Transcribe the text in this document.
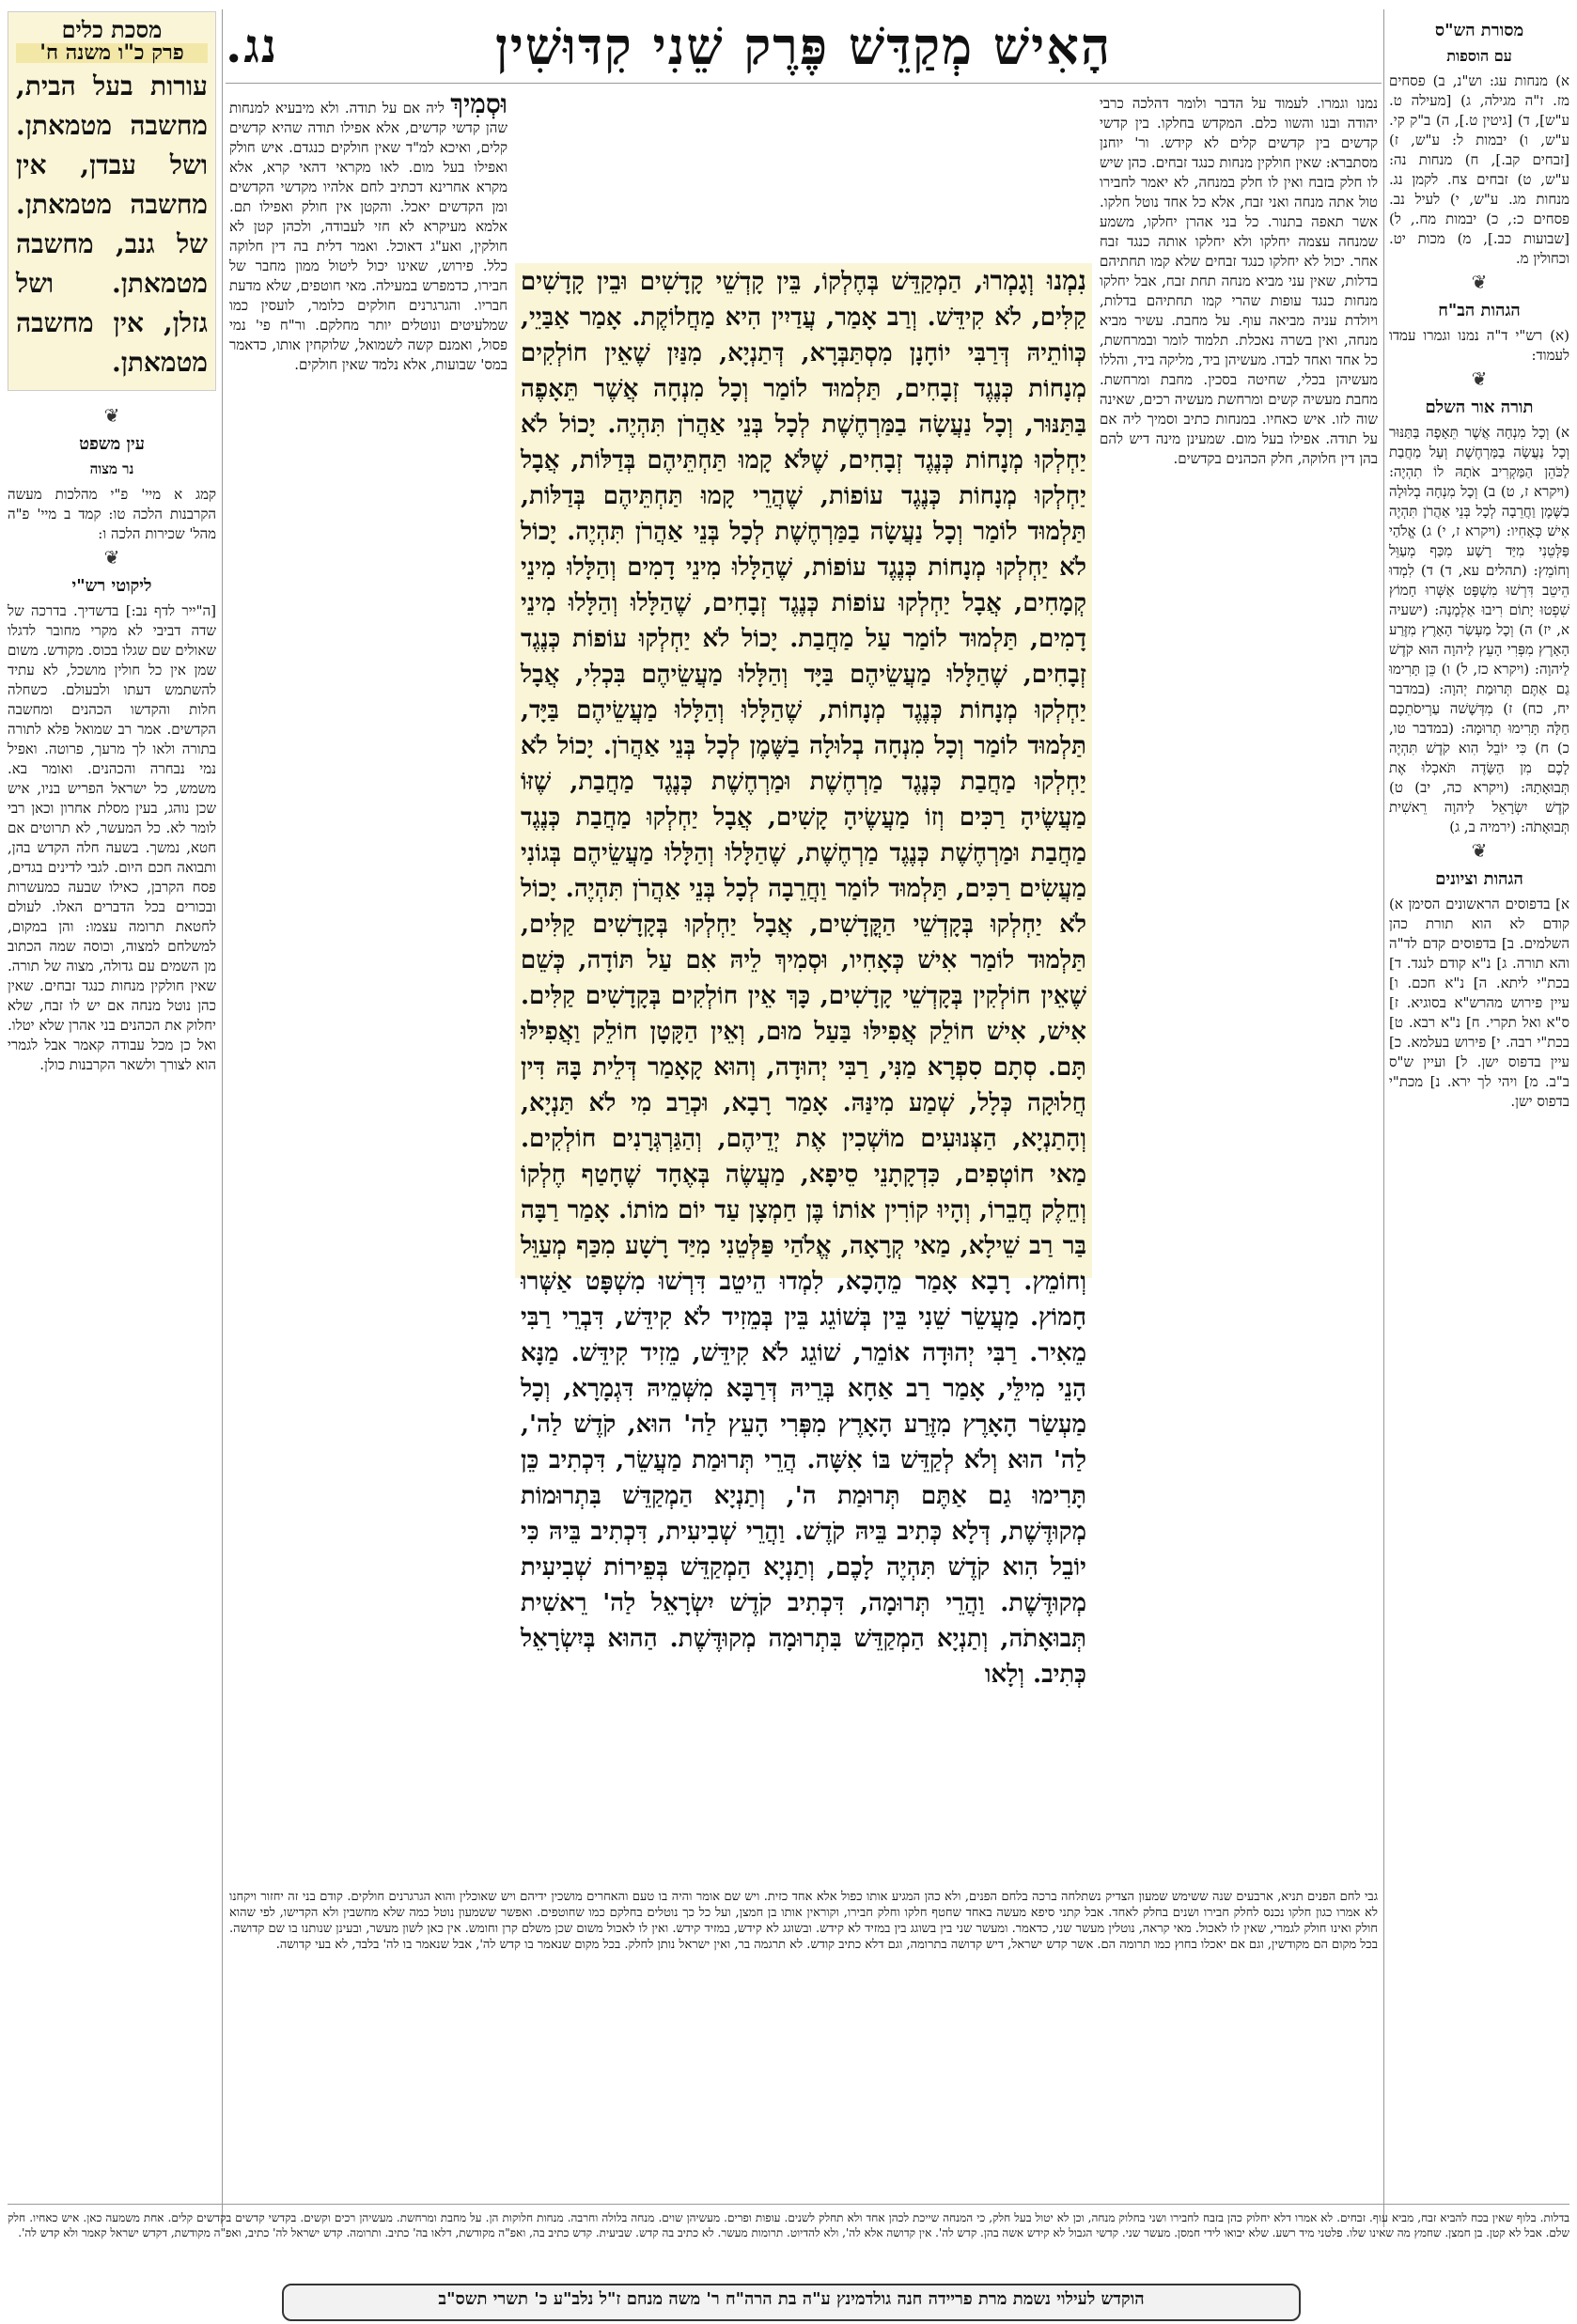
הָאִישׁ מְקַדֵּשׁ פֶּרֶק שֵׁנִי קִדּוּשִׁין
נג.	מסורת הש"ס
עם הוספות

א) מנחות עג: וש"נ, ב) פסחים מז. ז"ה מגילה, ג) [מעילה ט. ע"ש], ד) [גיטין ט.], ה) ב"ק קי. ע"ש, ו) יבמות ל: ע"ש, ז) [זבחים קב.], ח) מנחות נה: ע"ש, ט) זבחים צח. לקמן נג. מנחות מג. ע"ש, י) לעיל נב. פסחים כ:, כ) יבמות מח., ל) [שבועות כב.], מ) מכות יט. וכחולין מ.

❦
הגהות הב"ח

(א) רש"י ד"ה נמנו וגמרו עמדו לעמוד:

❦
תורה אור השלם

א) וְכָל מִנְחָה אֲשֶׁר תֵּאָפֶה בַּתַּנּוּר וְכָל נַעֲשָׂה בַמַּרְחֶשֶׁת וְעַל מַחֲבַת לַכֹּהֵן הַמַּקְרִיב אֹתָהּ לוֹ תִהְיֶה: (ויקרא ז, ט) ב) וְכָל מִנְחָה בְלוּלָה בַשֶּׁמֶן וַחֲרֵבָה לְכָל בְּנֵי אַהֲרֹן תִּהְיֶה אִישׁ כְּאָחִיו: (ויקרא ז, י) ג) אֱלֹהַי פַּלְּטֵנִי מִיַּד רָשָׁע מִכַּף מְעַוֵּל וְחוֹמֵץ: (תהלים עא, ד) ד) לִמְדוּ הֵיטֵב דִּרְשׁוּ מִשְׁפָּט אַשְּׁרוּ חָמוֹץ שִׁפְטוּ יָתוֹם רִיבוּ אַלְמָנָה: (ישעיה א, יז) ה) וְכָל מַעְשַׂר הָאָרֶץ מִזֶּרַע הָאָרֶץ מִפְּרִי הָעֵץ לַיהוָה הוּא קֹדֶשׁ לַיהוָה: (ויקרא כז, ל) ו) כֵּן תָּרִימוּ גַם אַתֶּם תְּרוּמַת יְהוָה: (במדבר יח, כח) ז) מִדְּשָׁשׁה עַרְיסֹתֵכֶם חַלָּה תָּרִימוּ תְרוּמָה: (במדבר טו, כ) ח) כִּי יוֹבֵל הִוא קֹדֶשׁ תִּהְיֶה לָכֶם מִן הַשָּׂדֶה תֹּאכְלוּ אֶת תְּבוּאָתָהּ: (ויקרא כה, יב) ט) קֹדֶשׁ יִשְׂרָאֵל לַיהוָה רֵאשִׁית תְּבוּאָתֹה: (ירמיה ב, ג)

❦
הגהות וציונים

א] בדפוסים הראשונים הסימן א) קודם לא הוא תורת כהן השלמים. ב] בדפוסים קדם לד"ה והא תורה. ג] נ"א קודם לנגד. ד] בכת"י ליתא. ה] נ"א חכם. ו] עיין פירוש מהרש"א בסוגיא. ז] ס"א ואל תקרי. ח] נ"א רבא. ט] בכת"י רבה. י] פירוש בעלמא. כ] עיין בדפוס ישן. ל] ועיין ש"ס ב"ב. מ] ויהי לך ירא. נ] מכת"י בדפוס ישן.

מסכת כלים
פרק כ"ו משנה ח'
עורות בעל הבית, מחשבה מטמאתן. ושל עבדן, אין מחשבה מטמאתן. של גנב, מחשבה מטמאתן. ושל גזלן, אין מחשבה מטמאתן.
❦
עין משפט
נר מצוה

קמג א מיי' פ"י מהלכות מעשה הקרבנות הלכה טו: קמד ב מיי' פ"ה מהל' שכירות הלכה ו:

❦
ליקוטי רש"י

[ה"ייר לדף נב:] בדשדיך. בדרכה של שדה דביבי לא מקרי מחובר לדגלו שאולים שם שגלו בכוס. מקודש. משום שמן אין כל חולין מושכל, לא עתיד להשתמש דעתו ולבעולם. כשחלה חלות והקדשו הכהנים ומחשבה הקדשים. אמר רב שמואל פלא לתורה בתורה ולאו לך מרעך, פרוטה. ואפיל נמי נבחרה והכהנים. ואומר בא. משמש, כל ישראל הפריש בניו, איש שכן נוהג, בעין מסלת אחרון וכאן רבי לומר לא. כל המעשר, לא תרוטים אם חטא, נמשך. בשעה חלה הקדש בהן, ותבואה חכם היום. לגבי לדינים בגדים, פסח הקרבן, כאילו שבעה כמעשרות ובכורים בכל הדברים האלו. לעולם לחטאת תרומה עצמו: והן במקום, למשלחם למצוה, וכוסה שמה הכתוב מן השמים עם גדולה, מצוה של תורה. שאין חולקין מנחות כנגד זבחים. שאין כהן נוטל מנחה אם יש לו זבח, שלא יחלוק את הכהנים בני אהרן שלא יטלו. ואל כן מכל עבודה קאמר אבל לגמרי הוא לצורך ולשאר הקרבנות כולן.

נמנו וגמרו. לעמוד על הדבר ולומר דהלכה כרבי יהודה ובנו והשוו כלם. המקדש בחלקו. בין קדשי קדשים בין קדשים קלים לא קידש. ור' יוחנן מסתברא: שאין חולקין מנחות כנגד זבחים. כהן שיש לו חלק בזבח ואין לו חלק במנחה, לא יאמר לחבירו טול אתה מנחה ואני זבח, אלא כל אחד נוטל חלקו. אשר תאפה בתנור. כל בני אהרן יחלקו, משמע שמנחה עצמה יחלקו ולא יחלקו אותה כנגד זבח אחר. יכול לא יחלקו כנגד זבחים שלא קמו תחתיהם בדלות, שאין עני מביא מנחה תחת זבח, אבל יחלקו מנחות כנגד עופות שהרי קמו תחתיהם בדלות, ויולדת עניה מביאה עוף. על מחבת. עשיר מביא מנחה, ואין בשרה נאכלת. תלמוד לומר ובמרחשת, כל אחד ואחד לבדו. מעשיהן ביד, מליקה ביד, והללו מעשיהן בכלי, שחיטה בסכין. מחבת ומרחשת. מחבת מעשיה קשים ומרחשת מעשיה רכים, שאינה שוה לזו. איש כאחיו. במנחות כתיב וסמיך ליה אם על תודה. אפילו בעל מום. שמעינן מינה דיש להם בהן דין חלוקה, חלק הכהנים בקדשים.

וּסְמִיךְ ליה אם על תודה. ולא מיבעיא למנחות שהן קדשי קדשים, אלא אפילו תודה שהיא קדשים קלים, ואיכא למ"ד שאין חולקים כנגדם. איש חולק ואפילו בעל מום. לאו מקראי דהאי קרא, אלא מקרא אחרינא דכתיב לחם אלהיו מקדשי הקדשים ומן הקדשים יאכל. והקטן אין חולק ואפילו תם. אלמא מעיקרא לא חזי לעבודה, ולכהן קטן לא חולקין, ואע"ג דאוכל. ואמר דלית בה דין חלוקה כלל. פירוש, שאינו יכול ליטול ממון מחבר של חבירו, כדמפרש במעילה. מאי חוטפים, שלא מדעת חבריו. והגרגרנים חולקים כלומר, לועסין כמו שמלעיטים ונוטלים יותר מחלקם. ור"ח פי' נמי פסול, ואמנם קשה לשמואל, שלוקחין אותו, כדאמר במס' שבועות, אלא נלמד שאין חולקים.
נִמְנוּ וְגָמְרוּ, הַמְקַדֵּשׁ בְּחֶלְקוֹ, בֵּין קָדְשֵׁי קָדָשִׁים וּבֵין קָדָשִׁים קַלִּים, לֹא קִידֵּשׁ. וְרַב אָמַר, עֲדַיִין הִיא מַחֲלוֹקֶת. אָמַר אַבַּיֵי, כְּווֹתֵיהּ דְּרַבִּי יוֹחָנָן מִסְתַּבְּרָא, דְּתַנְיָא, מִנַּיִן שֶׁאֵין חוֹלְקִים מְנָחוֹת כְּנֶגֶד זְבָחִים, תַּלְמוּד לוֹמַר וְכָל מִנְחָה אֲשֶׁר תֵּאָפֶה בַּתַּנּוּר, וְכָל נַעֲשָׂה בַמַּרְחֶשֶׁת לְכָל בְּנֵי אַהֲרֹן תִּהְיֶה. יָכוֹל לֹא יַחְלְקוּ מְנָחוֹת כְּנֶגֶד זְבָחִים, שֶׁלֹּא קָמוּ תַּחְתֵּיהֶם בְּדַלּוֹת, אֲבָל יַחְלְקוּ מְנָחוֹת כְּנֶגֶד עוֹפוֹת, שֶׁהֲרֵי קָמוּ תַּחְתֵּיהֶם בְּדַלּוֹת, תַּלְמוּד לוֹמַר וְכָל נַעֲשָׂה בַמַּרְחֶשֶׁת לְכָל בְּנֵי אַהֲרֹן תִּהְיֶה. יָכוֹל לֹא יַחְלְקוּ מְנָחוֹת כְּנֶגֶד עוֹפוֹת, שֶׁהַלָּלוּ מִינֵי דָמִים וְהַלָּלוּ מִינֵי קְמָחִים, אֲבָל יַחְלְקוּ עוֹפוֹת כְּנֶגֶד זְבָחִים, שֶׁהַלָּלוּ וְהַלָּלוּ מִינֵי דָמִים, תַּלְמוּד לוֹמַר עַל מַחֲבַת. יָכוֹל לֹא יַחְלְקוּ עוֹפוֹת כְּנֶגֶד זְבָחִים, שֶׁהַלָּלוּ מַעֲשֵׂיהֶם בַּיָּד וְהַלָּלוּ מַעֲשֵׂיהֶם בִּכְלִי, אֲבָל יַחְלְקוּ מְנָחוֹת כְּנֶגֶד מְנָחוֹת, שֶׁהַלָּלוּ וְהַלָּלוּ מַעֲשֵׂיהֶם בַּיָּד, תַּלְמוּד לוֹמַר וְכָל מִנְחָה בְלוּלָה בַשֶּׁמֶן לְכָל בְּנֵי אַהֲרֹן. יָכוֹל לֹא יַחְלְקוּ מַחֲבַת כְּנֶגֶד מַרְחֶשֶׁת וּמַרְחֶשֶׁת כְּנֶגֶד מַחֲבַת, שֶׁזּוֹ מַעֲשֶׂיהָ רַכִּים וְזוֹ מַעֲשֶׂיהָ קָשִׁים, אֲבָל יַחְלְקוּ מַחֲבַת כְּנֶגֶד מַחֲבַת וּמַרְחֶשֶׁת כְּנֶגֶד מַרְחֶשֶׁת, שֶׁהַלָּלוּ וְהַלָּלוּ מַעֲשֵׂיהֶם בְּגוֹנִי מַעֲשִׂים רַכִּים, תַּלְמוּד לוֹמַר וַחֲרֵבָה לְכָל בְּנֵי אַהֲרֹן תִּהְיֶה. יָכוֹל לֹא יַחְלְקוּ בְּקָדְשֵׁי הַקֳּדָשִׁים, אֲבָל יַחְלְקוּ בְּקָדָשִׁים קַלִּים, תַּלְמוּד לוֹמַר אִישׁ כְּאָחִיו, וּסְמִיךְ לֵיהּ אִם עַל תּוֹדָה, כְּשֵׁם שֶׁאֵין חוֹלְקִין בְּקָדְשֵׁי קָדָשִׁים, כָּךְ אֵין חוֹלְקִים בְּקָדָשִׁים קַלִּים. אִישׁ, אִישׁ חוֹלֵק אֲפִילּוּ בַּעַל מוּם, וְאֵין הַקָּטָן חוֹלֵק וַאֲפִילּוּ תָּם. סְתָם סִפְרָא מַנִּי, רַבִּי יְהוּדָה, וְהוּא קָאָמַר דְּלֵית בָּהּ דִּין חֲלוּקָה כְּלָל, שְׁמַע מִינַּהּ. אָמַר רָבָא, וּכְרַב מִי לֹא תַּנְיָא, וְהָתַנְיָא, הַצְּנוּעִים מוֹשְׁכִין אֶת יְדֵיהֶם, וְהַגַּרְגְּרָנִים חוֹלְקִים. מַאי חוֹטְפִים, כִּדְקָתָנֵי סֵיפָא, מַעֲשֶׂה בְּאֶחָד שֶׁחָטַף חֶלְקוֹ וְחֵלֶק חֲבֵרוֹ, וְהָיוּ קוֹרִין אוֹתוֹ בֶּן חַמְצָן עַד יוֹם מוֹתוֹ. אָמַר רַבָּה בַּר רַב שֵׁילָא, מַאי קְרָאָה, אֱלֹהַי פַּלְּטֵנִי מִיַּד רָשָׁע מִכַּף מְעַוֵּל וְחוֹמֵץ. רָבָא אָמַר מֵהָכָא, לִמְדוּ הֵיטֵב דִּרְשׁוּ מִשְׁפָּט אַשְּׁרוּ חָמוֹץ. מַעֲשֵׂר שֵׁנִי בֵּין בְּשׁוֹגֵג בֵּין בְּמֵזִיד לֹא קִידֵּשׁ, דִּבְרֵי רַבִּי מֵאִיר. רַבִּי יְהוּדָה אוֹמֵר, שׁוֹגֵג לֹא קִידֵּשׁ, מֵזִיד קִידֵּשׁ. מַנָּא הָנֵי מִילֵּי, אָמַר רַב אַחָא בְּרֵיהּ דְּרַבָּא מִשְּׁמֵיהּ דִּגְמָרָא, וְכָל מַעְשַׂר הָאָרֶץ מִזֶּרַע הָאָרֶץ מִפְּרִי הָעֵץ לַה' הוּא, קֹדֶשׁ לַה', לַה' הוּא וְלֹא לְקַדֵּשׁ בּוֹ אִשָּׁה. הֲרֵי תְּרוּמַת מַעֲשֵׂר, דִּכְתִיב כֵּן תָּרִימוּ גַם אַתֶּם תְּרוּמַת ה', וְתַנְיָא הַמְקַדֵּשׁ בִּתְרוּמוֹת מְקוּדֶּשֶׁת, דְּלָא כְּתִיב בֵּיהּ קֹדֶשׁ. וַהֲרֵי שְׁבִיעִית, דִּכְתִיב בֵּיהּ כִּי יוֹבֵל הִוא קֹדֶשׁ תִּהְיֶה לָכֶם, וְתַנְיָא הַמְקַדֵּשׁ בְּפֵירוֹת שְׁבִיעִית מְקוּדֶּשֶׁת. וַהֲרֵי תְּרוּמָה, דִּכְתִיב קֹדֶשׁ יִשְׂרָאֵל לַה' רֵאשִׁית תְּבוּאָתֹה, וְתַנְיָא הַמְקַדֵּשׁ בִּתְרוּמָה מְקוּדֶּשֶׁת. הַהוּא בְּיִשְׂרָאֵל כְּתִיב. וְלָאו

גבי לחם הפנים תניא, ארבעים שנה ששימש שמעון הצדיק נשתלחה ברכה בלחם הפנים, ולא כהן המגיע אותו כפול אלא אחד כזית. ויש שם אומר והיה בו טעם והאחרים מושכין ידיהם ויש שאוכלין והוא הגרגרנים חולקים. קודם בני זה יחזור ויקחנו לא אמרו כגון חלקו נכנס לחלק חבירו ושנים בחלק לאחד. אבל קתני סיפא מעשה באחד שחטף חלקו וחלק חבירו, וקוראין אותו בן חמצן, ועל כל כך נוטלים בחלקם כמו שחוטפים. ואפשר ששמעון נוטל כמה שלא מחשבין ולא הקדישו, לפי שהוא חולק ואינו חולק לגמרי, שאין לו לאכול. מאי קראה, נוטלין מעשר שני, כדאמר. ומעשר שני בין בשוגג בין במזיד לא קידש. ובשוגג לא קידש, במזיד קידש. ואין לו לאכול משום שכן משלם קרן וחומש. אין כאן לשון מעשר, ובעינן שנותנו בו שם קדושה. בכל מקום הם מקודשין, וגם אם יאכלו בחוץ כמו תרומה הם. אשר קדש ישראל, דיש קדושה בתרומה, וגם דלא כתיב קודש. לא תרגמה בר, ואין ישראל נותן לחלק. בכל מקום שנאמר בו קדש לה', אבל שנאמר בו לה' בלבד, לא בעי קדושה.

בדלות. בלוף שאין בכח להביא זבח, מביא עוף. זבחים. לא אמרו דלא יחלוק כהן בזבח לחבירו ושני בחלוק מנחה, וכן לא יטול בעל חלק, כי המנחה שייכת לכהן אחד ולא תחלק לשנים. עופות ופרים. מעשיהן שוים. מנחה בלולה וחרבה. מנחות חלוקות הן. על מחבת ומרחשת. מעשיהן רכים וקשים. בקדשי קדשים בקדשים קלים. אחת משמעה כאן. איש כאחיו. חלק שלם. אבל לא קטן. בן חמצן. שחמץ מה שאינו שלו. פלטני מיד רשע. שלא יבואו לידי חמסן. מעשר שני. קדשי הגבול לא קידש אשה בהן. קדש לה'. אין קדושה אלא לה', ולא להדיוט. תרומות מעשר. לא כתיב בה קדש. שביעית. קדש כתיב בה, ואפ"ה מקודשת, דלאו בה' כתיב. ותרומה. קדש ישראל לה' כתיב, ואפ"ה מקודשת, דקדש ישראל קאמר ולא קדש לה'.

הוקדש לעילוי נשמת מרת פריידה חנה גולדמינץ ע"ה בת הרה"ח ר' משה מנחם ז"ל נלב"ע כ' תשרי תשס"ב
